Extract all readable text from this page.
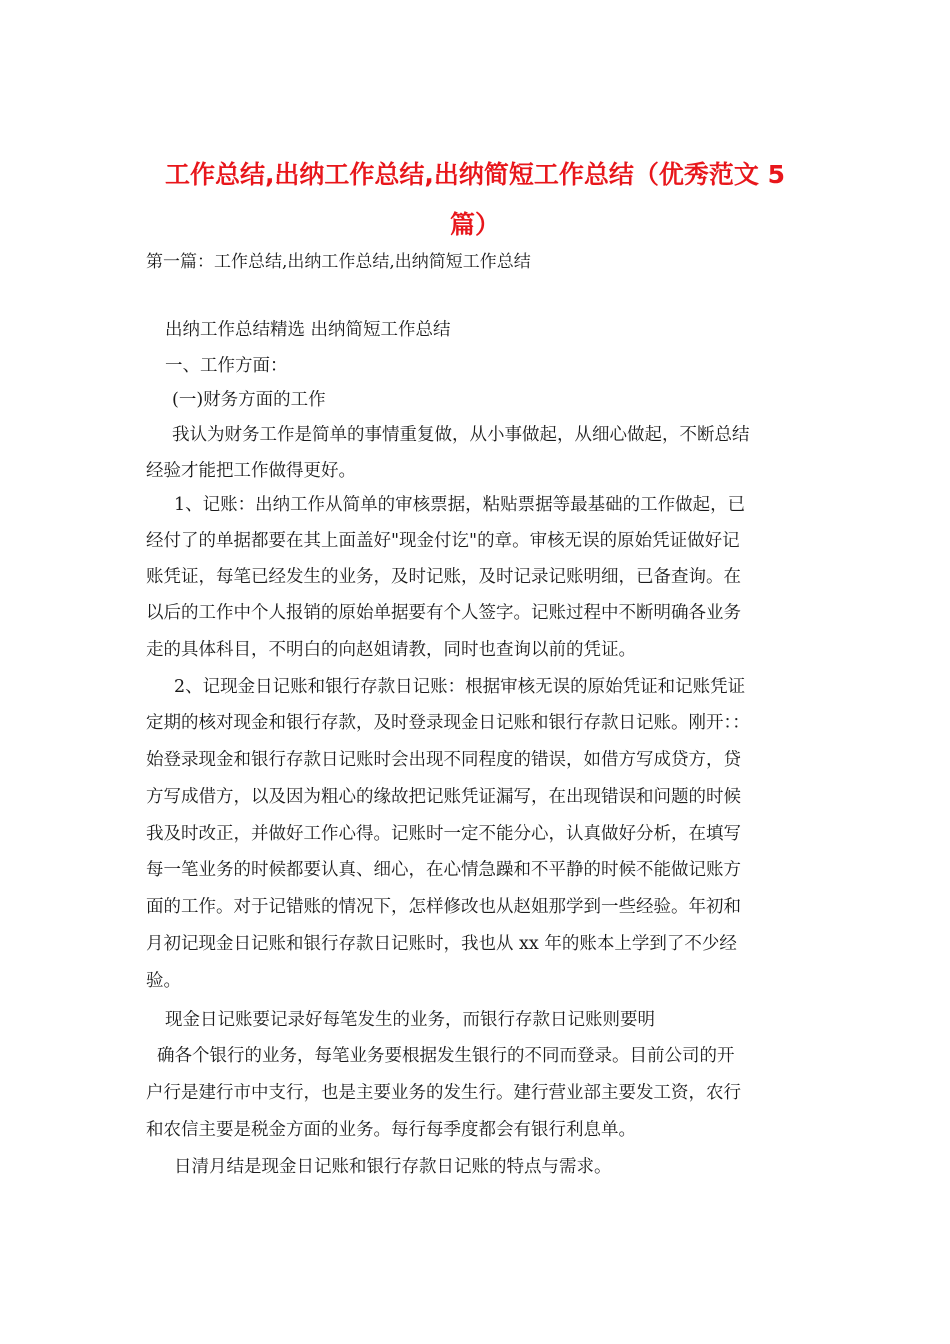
工作总结,出纳工作总结,出纳简短工作总结（优秀范文 5
篇）

第一篇：工作总结,出纳工作总结,出纳简短工作总结

出纳工作总结精选 出纳简短工作总结

一、工作方面：

(一)财务方面的工作

我认为财务工作是简单的事情重复做，从小事做起，从细心做起，不断总结

经验才能把工作做得更好。

1、记账：出纳工作从简单的审核票据，粘贴票据等最基础的工作做起，已

经付了的单据都要在其上面盖好"现金付讫"的章。审核无误的原始凭证做好记

账凭证，每笔已经发生的业务，及时记账，及时记录记账明细，已备查询。在

以后的工作中个人报销的原始单据要有个人签字。记账过程中不断明确各业务

走的具体科目，不明白的向赵姐请教，同时也查询以前的凭证。

2、记现金日记账和银行存款日记账：根据审核无误的原始凭证和记账凭证

定期的核对现金和银行存款，及时登录现金日记账和银行存款日记账。刚开：：

始登录现金和银行存款日记账时会出现不同程度的错误，如借方写成贷方，贷

方写成借方，以及因为粗心的缘故把记账凭证漏写，在出现错误和问题的时候

我及时改正，并做好工作心得。记账时一定不能分心，认真做好分析，在填写

每一笔业务的时候都要认真、细心，在心情急躁和不平静的时候不能做记账方

面的工作。对于记错账的情况下，怎样修改也从赵姐那学到一些经验。年初和

月初记现金日记账和银行存款日记账时，我也从 xx 年的账本上学到了不少经

验。

现金日记账要记录好每笔发生的业务，而银行存款日记账则要明

确各个银行的业务，每笔业务要根据发生银行的不同而登录。目前公司的开

户行是建行市中支行，也是主要业务的发生行。建行营业部主要发工资，农行

和农信主要是税金方面的业务。每行每季度都会有银行利息单。

日清月结是现金日记账和银行存款日记账的特点与需求。
